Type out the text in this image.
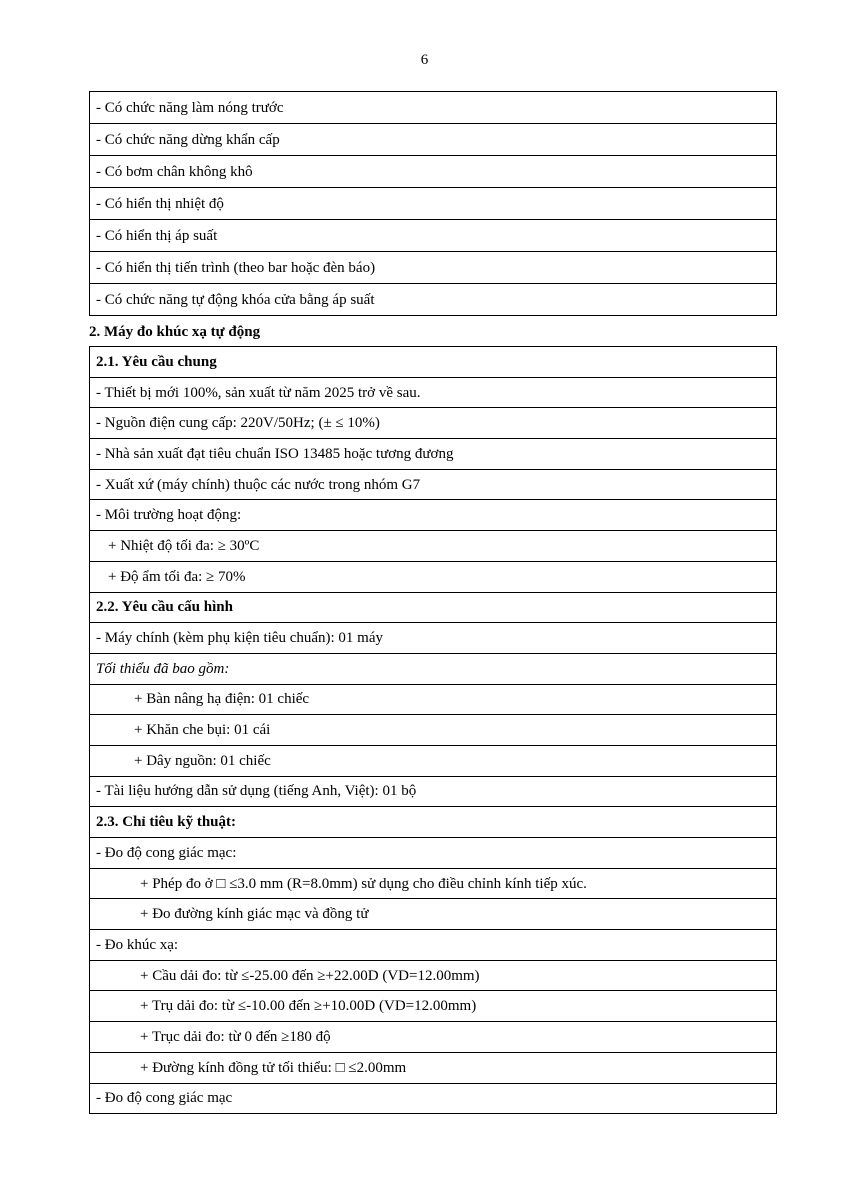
6
- Có chức năng làm nóng trước
- Có chức năng dừng khẩn cấp
- Có bơm chân không khô
- Có hiển thị nhiệt độ
- Có hiển thị áp suất
- Có hiển thị tiến trình (theo bar hoặc đèn báo)
- Có chức năng tự động khóa cửa bằng áp suất
2. Máy đo khúc xạ tự động
2.1. Yêu cầu chung
- Thiết bị mới 100%, sản xuất từ năm 2025 trở về sau.
- Nguồn điện cung cấp: 220V/50Hz; (± ≤ 10%)
- Nhà sản xuất đạt tiêu chuẩn ISO 13485 hoặc tương đương
- Xuất xứ (máy chính) thuộc các nước trong nhóm G7
- Môi trường hoạt động:
+ Nhiệt độ tối đa: ≥ 30ºC
+ Độ ẩm tối đa: ≥ 70%
2.2. Yêu cầu cấu hình
- Máy chính (kèm phụ kiện tiêu chuẩn): 01 máy
Tối thiểu đã bao gồm:
+ Bàn nâng hạ điện: 01 chiếc
+ Khăn che bụi: 01 cái
+ Dây nguồn: 01 chiếc
- Tài liệu hướng dẫn sử dụng (tiếng Anh, Việt): 01 bộ
2.3. Chỉ tiêu kỹ thuật:
- Đo độ cong giác mạc:
+ Phép đo ở □ ≤3.0 mm (R=8.0mm) sử dụng cho điều chỉnh kính tiếp xúc.
+ Đo đường kính giác mạc và đồng tử
- Đo khúc xạ:
+ Cầu dải đo: từ ≤-25.00 đến ≥+22.00D (VD=12.00mm)
+ Trụ dải đo: từ ≤-10.00 đến ≥+10.00D (VD=12.00mm)
+ Trục dải đo: từ 0 đến ≥180 độ
+ Đường kính đồng tử tối thiểu: □ ≤2.00mm
- Đo độ cong giác mạc
